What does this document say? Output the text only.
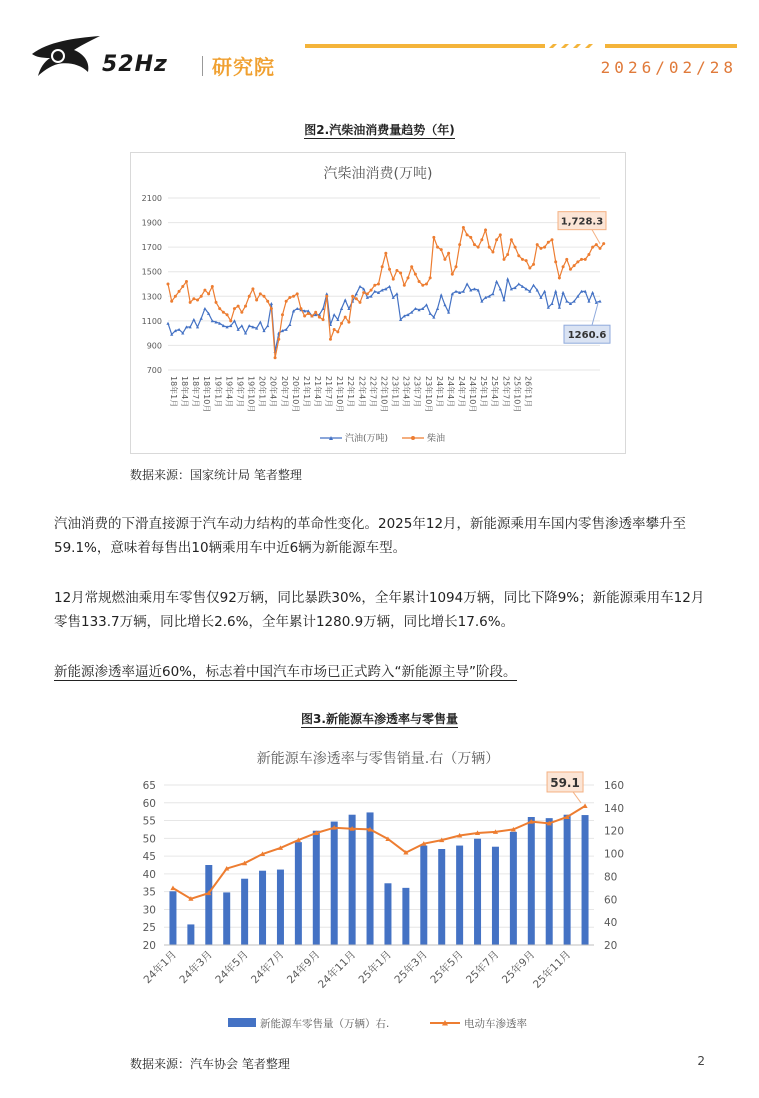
52Hz 研究院	2026/02/28
图2.汽柴油消费量趋势（年)
汽柴油消费(万吨)
700
900
1100
1300
1500
1700
1900
2100
18年1月 18年4月 18年7月 18年10月 19年1月 19年4月 19年7月 19年10月 20年1月 20年4月 20年7月 20年10月 21年1月 21年4月 21年7月 21年10月 22年1月 22年4月 22年7月 22年10月 23年1月 23年4月 23年7月 23年10月 24年1月 24年4月 24年7月 24年10月 25年1月 25年4月 25年7月 25年10月 26年1月
1,728.3
1260.6
汽油(万吨)	柴油
数据来源：国家统计局 笔者整理

汽油消费的下滑直接源于汽车动力结构的革命性变化。2025年12月，新能源乘用车国内零售渗透率攀升至59.1%，意味着每售出10辆乘用车中近6辆为新能源车型。

12月常规燃油乘用车零售仅92万辆，同比暴跌30%，全年累计1094万辆，同比下降9%；新能源乘用车12月零售133.7万辆，同比增长2.6%，全年累计1280.9万辆，同比增长17.6%。

新能源渗透率逼近60%，标志着中国汽车市场已正式跨入“新能源主导”阶段。

图3.新能源车渗透率与零售量
新能源车渗透率与零售销量.右（万辆）
20
25
30
35
40
45
50
55
60
65
20
40
60
80
100
120
140
160
24年1月
24年3月
24年5月
24年7月
24年9月
24年11月
25年1月
25年3月
25年5月
25年7月
25年9月
25年11月
59.1
新能源车零售量（万辆）右.	电动车渗透率
数据来源：汽车协会 笔者整理	2
